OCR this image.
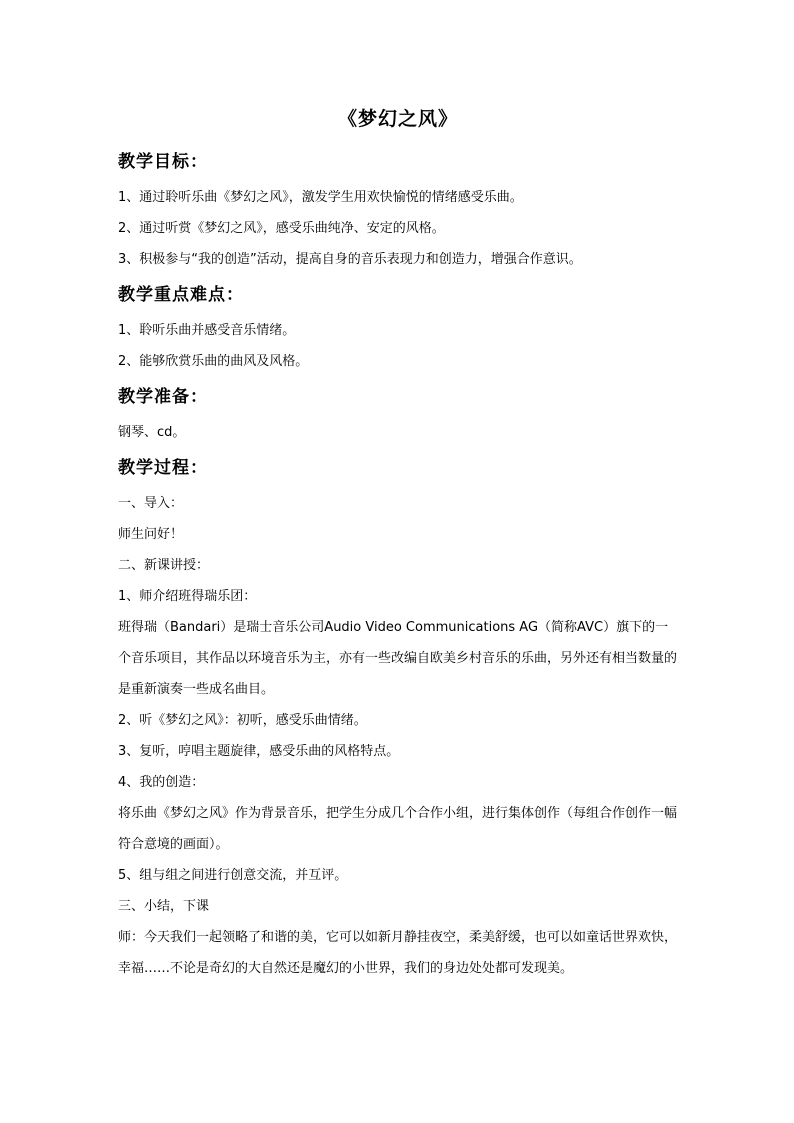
《梦幻之风》
教学目标：

1、通过聆听乐曲《梦幻之风》，激发学生用欢快愉悦的情绪感受乐曲。

2、通过听赏《梦幻之风》，感受乐曲纯净、安定的风格。

3、积极参与“我的创造”活动，提高自身的音乐表现力和创造力，增强合作意识。

教学重点难点：

1、聆听乐曲并感受音乐情绪。

2、能够欣赏乐曲的曲风及风格。

教学准备：

钢琴、cd。

教学过程：

一、导入：

师生问好！

二、新课讲授：

1、师介绍班得瑞乐团：

班得瑞（Bandari）是瑞士音乐公司Audio Video Communications AG（简称AVC）旗下的一个音乐项目，其作品以环境音乐为主，亦有一些改编自欧美乡村音乐的乐曲，另外还有相当数量的是重新演奏一些成名曲目。

2、听《梦幻之风》：初听，感受乐曲情绪。

3、复听，哼唱主题旋律，感受乐曲的风格特点。

4、我的创造：

将乐曲《梦幻之风》作为背景音乐，把学生分成几个合作小组，进行集体创作（每组合作创作一幅符合意境的画面）。

5、组与组之间进行创意交流，并互评。

三、小结，下课

师：今天我们一起领略了和谐的美，它可以如新月静挂夜空，柔美舒缓，也可以如童话世界欢快，幸福……不论是奇幻的大自然还是魔幻的小世界，我们的身边处处都可发现美。
